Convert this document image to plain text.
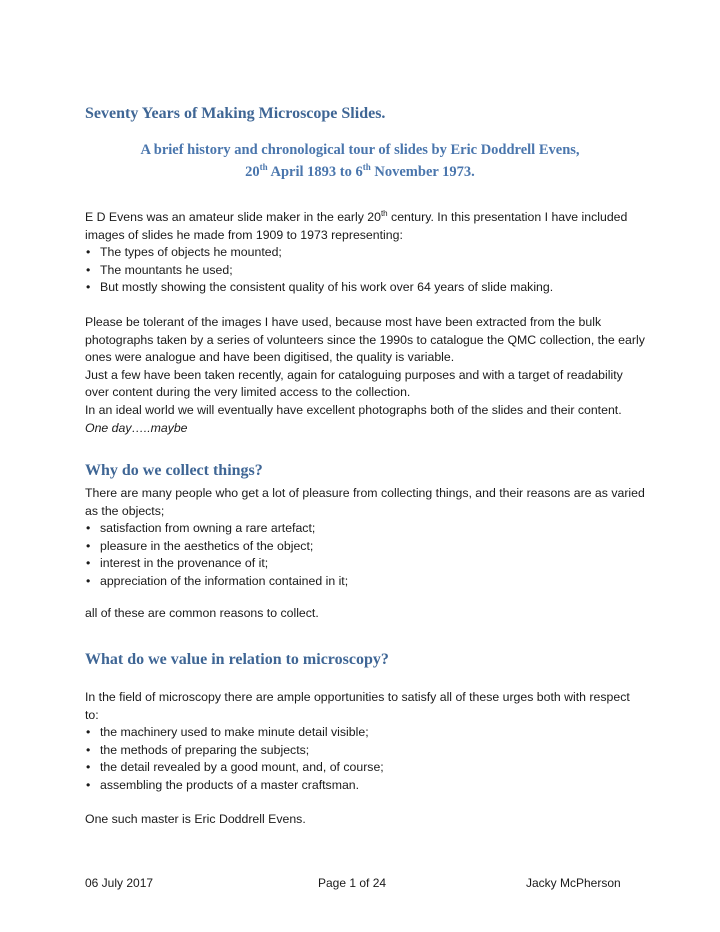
Seventy Years of Making Microscope Slides.
A brief history and chronological tour of slides by Eric Doddrell Evens,
20th April 1893 to 6th November 1973.

E D Evens was an amateur slide maker in the early 20th century. In this presentation I have included images of slides he made from 1909 to 1973 representing:

• The types of objects he mounted;
• The mountants he used;
• But mostly showing the consistent quality of his work over 64 years of slide making.

Please be tolerant of the images I have used, because most have been extracted from the bulk photographs taken by a series of volunteers since the 1990s to catalogue the QMC collection, the early ones were analogue and have been digitised, the quality is variable.

Just a few have been taken recently, again for cataloguing purposes and with a target of readability over content during the very limited access to the collection.

In an ideal world we will eventually have excellent photographs both of the slides and their content. One day…..maybe

Why do we collect things?

There are many people who get a lot of pleasure from collecting things, and their reasons are as varied as the objects;

• satisfaction from owning a rare artefact;
• pleasure in the aesthetics of the object;
• interest in the provenance of it;
• appreciation of the information contained in it;

all of these are common reasons to collect.

What do we value in relation to microscopy?

In the field of microscopy there are ample opportunities to satisfy all of these urges both with respect to:

• the machinery used to make minute detail visible;
• the methods of preparing the subjects;
• the detail revealed by a good mount, and, of course;
• assembling the products of a master craftsman.

One such master is Eric Doddrell Evens.

06 July 2017	Page 1 of 24	Jacky McPherson
